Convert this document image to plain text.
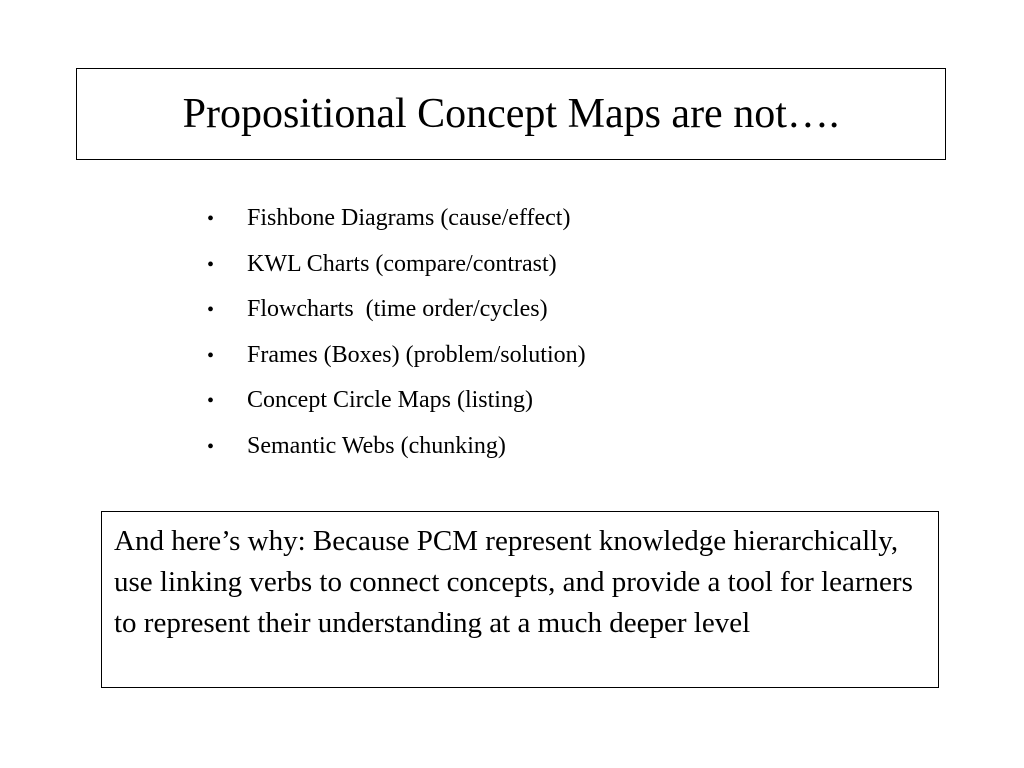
Propositional Concept Maps are not….
•	Fishbone Diagrams (cause/effect)
•	KWL Charts (compare/contrast)
•	Flowcharts  (time order/cycles)
•	Frames (Boxes) (problem/solution)
•	Concept Circle Maps (listing)
•	Semantic Webs (chunking)

And here’s why: Because PCM represent knowledge hierarchically, use linking verbs to connect concepts, and provide a tool for learners to represent their understanding at a much deeper level
